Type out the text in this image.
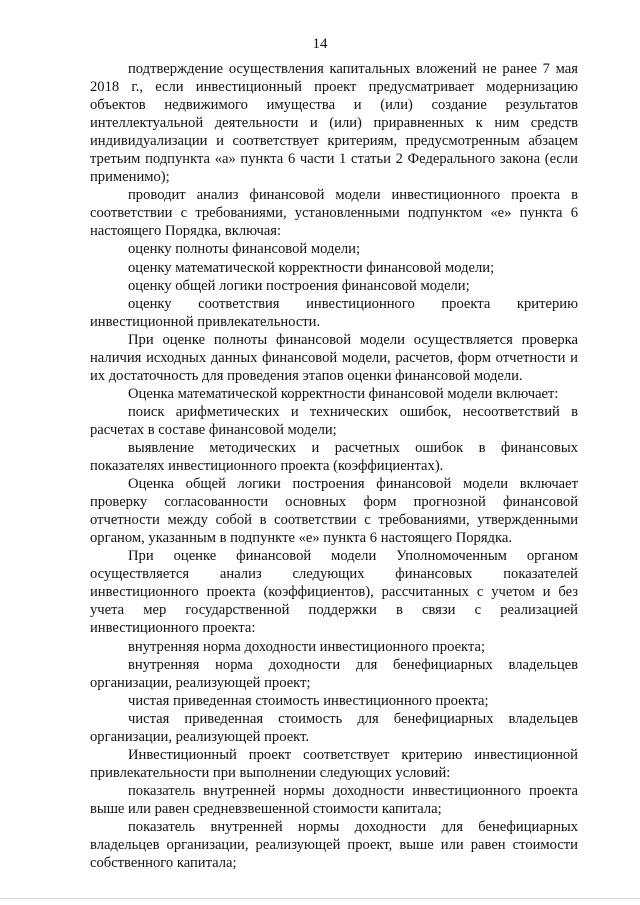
14

подтверждение осуществления капитальных вложений не ранее 7 мая 2018 г., если инвестиционный проект предусматривает модернизацию объектов недвижимого имущества и (или) создание результатов интеллектуальной деятельности и (или) приравненных к ним средств индивидуализации и соответствует критериям, предусмотренным абзацем третьим подпункта «а» пункта 6 части 1 статьи 2 Федерального закона (если применимо);

проводит анализ финансовой модели инвестиционного проекта в соответствии с требованиями, установленными подпунктом «е» пункта 6 настоящего Порядка, включая:

оценку полноты финансовой модели;

оценку математической корректности финансовой модели;

оценку общей логики построения финансовой модели;

оценку соответствия инвестиционного проекта критерию инвестиционной привлекательности.

При оценке полноты финансовой модели осуществляется проверка наличия исходных данных финансовой модели, расчетов, форм отчетности и их достаточность для проведения этапов оценки финансовой модели.

Оценка математической корректности финансовой модели включает:

поиск арифметических и технических ошибок, несоответствий в расчетах в составе финансовой модели;

выявление методических и расчетных ошибок в финансовых показателях инвестиционного проекта (коэффициентах).

Оценка общей логики построения финансовой модели включает проверку согласованности основных форм прогнозной финансовой отчетности между собой в соответствии с требованиями, утвержденными органом, указанным в подпункте «е» пункта 6 настоящего Порядка.

При оценке финансовой модели Уполномоченным органом осуществляется анализ следующих финансовых показателей инвестиционного проекта (коэффициентов), рассчитанных с учетом и без учета мер государственной поддержки в связи с реализацией инвестиционного проекта:

внутренняя норма доходности инвестиционного проекта;

внутренняя норма доходности для бенефициарных владельцев организации, реализующей проект;

чистая приведенная стоимость инвестиционного проекта;

чистая приведенная стоимость для бенефициарных владельцев организации, реализующей проект.

Инвестиционный проект соответствует критерию инвестиционной привлекательности при выполнении следующих условий:

показатель внутренней нормы доходности инвестиционного проекта выше или равен средневзвешенной стоимости капитала;

показатель внутренней нормы доходности для бенефициарных владельцев организации, реализующей проект, выше или равен стоимости собственного капитала;
